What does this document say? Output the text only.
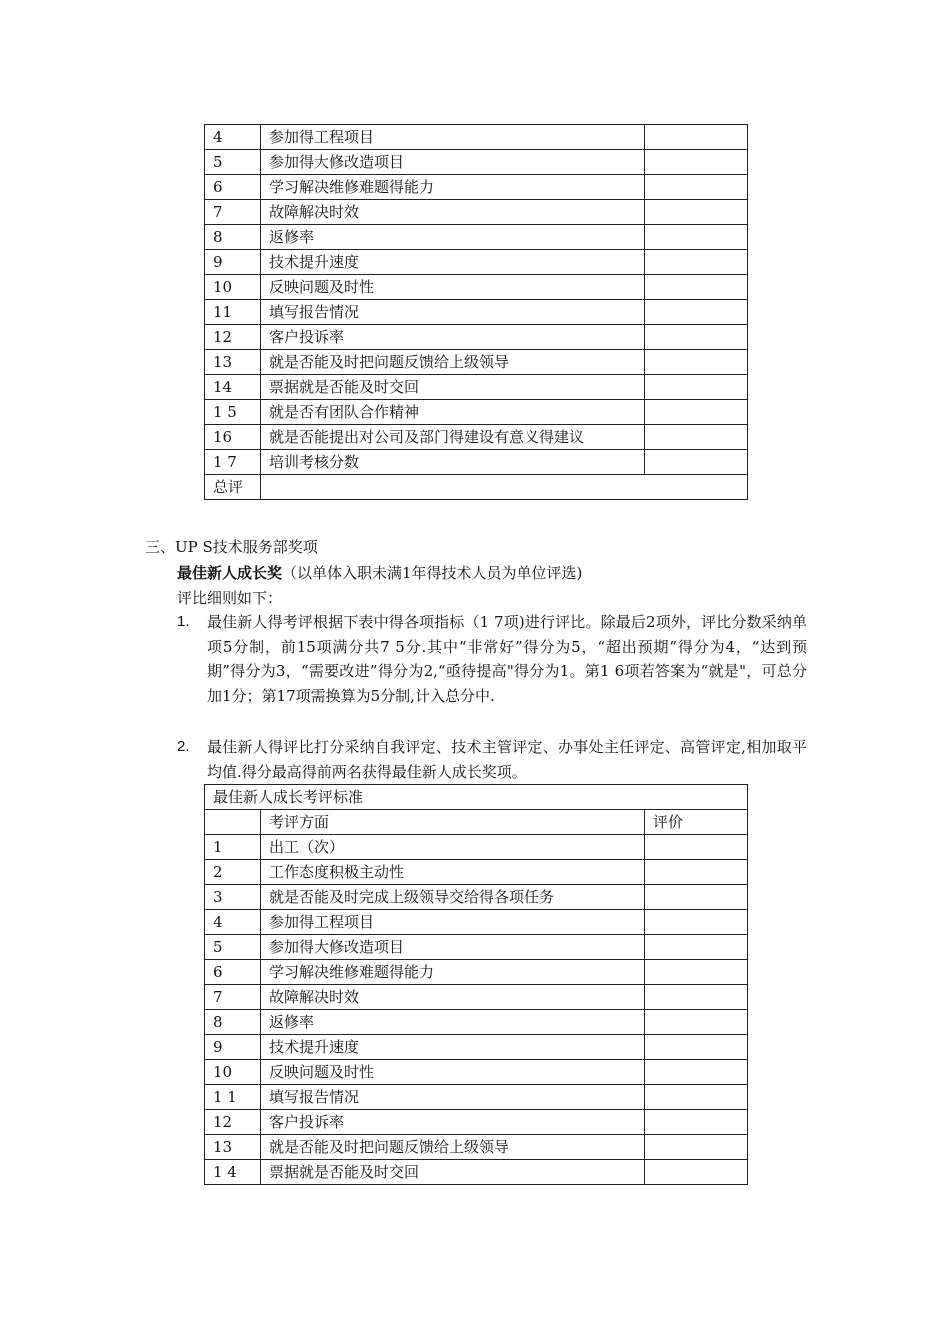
4	参加得工程项目	
5	参加得大修改造项目	
6	学习解决维修难题得能力	
7	故障解决时效	
8	返修率	
9	技术提升速度	
10	反映问题及时性	
11	填写报告情况	
12	客户投诉率	
13	就是否能及时把问题反馈给上级领导	
14	票据就是否能及时交回	
1 5	就是否有团队合作精神	
16	就是否能提出对公司及部门得建设有意义得建议	
1 7	培训考核分数	
总评		
三、UP S技术服务部奖项
最佳新人成长奖（以单体入职未满1年得技术人员为单位评选)
评比细则如下：
1. 最佳新人得考评根据下表中得各项指标（1 7项)进行评比。除最后2项外，评比分数采纳单项5分制，前15项满分共7 5分.其中“非常好”得分为5，“超出预期”得分为4，“达到预期”得分为3，“需要改进”得分为2,“亟待提高"得分为1。第1 6项若答案为“就是"，可总分加1分；第17项需换算为5分制,计入总分中.
2. 最佳新人得评比打分采纳自我评定、技术主管评定、办事处主任评定、高管评定,相加取平均值.得分最高得前两名获得最佳新人成长奖项。
最佳新人成长考评标准		
	考评方面	评价
1	出工（次）	
2	工作态度积极主动性	
3	就是否能及时完成上级领导交给得各项任务	
4	参加得工程项目	
5	参加得大修改造项目	
6	学习解决维修难题得能力	
7	故障解决时效	
8	返修率	
9	技术提升速度	
10	反映问题及时性	
1 1	填写报告情况	
12	客户投诉率	
13	就是否能及时把问题反馈给上级领导	
1 4	票据就是否能及时交回	
